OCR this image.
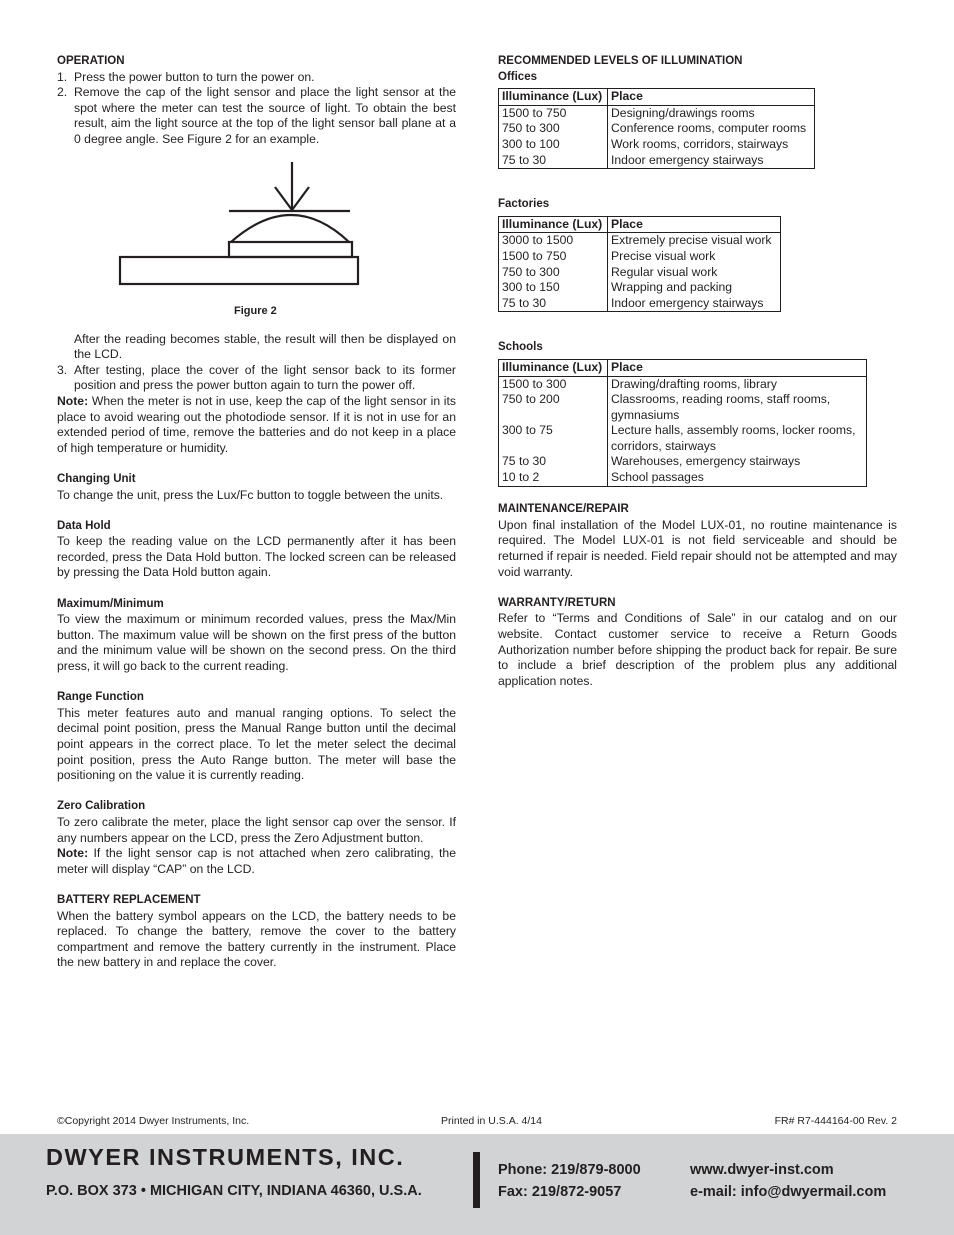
OPERATION

1. Press the power button to turn the power on.
2. Remove the cap of the light sensor and place the light sensor at the spot where the meter can test the source of light. To obtain the best result, aim the light source at the top of the light sensor ball plane at a 0 degree angle. See Figure 2 for an example.
Figure 2

After the reading becomes stable, the result will then be displayed on the LCD.

3. After testing, place the cover of the light sensor back to its former position and press the power button again to turn the power off.

Note: When the meter is not in use, keep the cap of the light sensor in its place to avoid wearing out the photodiode sensor. If it is not in use for an extended period of time, remove the batteries and do not keep in a place of high temperature or humidity.

Changing Unit

To change the unit, press the Lux/Fc button to toggle between the units.

Data Hold

To keep the reading value on the LCD permanently after it has been recorded, press the Data Hold button. The locked screen can be released by pressing the Data Hold button again.

Maximum/Minimum

To view the maximum or minimum recorded values, press the Max/Min button. The maximum value will be shown on the first press of the button and the minimum value will be shown on the second press. On the third press, it will go back to the current reading.

Range Function

This meter features auto and manual ranging options. To select the decimal point position, press the Manual Range button until the decimal point appears in the correct place. To let the meter select the decimal point position, press the Auto Range button. The meter will base the positioning on the value it is currently reading.

Zero Calibration

To zero calibrate the meter, place the light sensor cap over the sensor. If any numbers appear on the LCD, press the Zero Adjustment button.

Note: If the light sensor cap is not attached when zero calibrating, the meter will display “CAP” on the LCD.

BATTERY REPLACEMENT

When the battery symbol appears on the LCD, the battery needs to be replaced. To change the battery, remove the cover to the battery compartment and remove the battery currently in the instrument. Place the new battery in and replace the cover.

RECOMMENDED LEVELS OF ILLUMINATION

Offices

Illuminance (Lux)	Place
1500 to 750	Designing/drawings rooms
750 to 300	Conference rooms, computer rooms
300 to 100	Work rooms, corridors, stairways
75 to 30	Indoor emergency stairways

Factories

Illuminance (Lux)	Place
3000 to 1500	Extremely precise visual work
1500 to 750	Precise visual work
750 to 300	Regular visual work
300 to 150	Wrapping and packing
75 to 30	Indoor emergency stairways

Schools

Illuminance (Lux)	Place
1500 to 300	Drawing/drafting rooms, library
750 to 200	Classrooms, reading rooms, staff rooms, gymnasiums
300 to 75	Lecture halls, assembly rooms, locker rooms, corridors, stairways
75 to 30	Warehouses, emergency stairways
10 to 2	School passages

MAINTENANCE/REPAIR

Upon final installation of the Model LUX-01, no routine maintenance is required. The Model LUX-01 is not field serviceable and should be returned if repair is needed. Field repair should not be attempted and may void warranty.

WARRANTY/RETURN

Refer to “Terms and Conditions of Sale” in our catalog and on our website. Contact customer service to receive a Return Goods Authorization number before shipping the product back for repair. Be sure to include a brief description of the problem plus any additional application notes.

©Copyright 2014 Dwyer Instruments, Inc.	Printed in U.S.A. 4/14	FR# R7-444164-00 Rev. 2
DWYER INSTRUMENTS, INC.
P.O. BOX 373 • MICHIGAN CITY, INDIANA 46360, U.S.A.
Phone: 219/879-8000
Fax: 219/872-9057
www.dwyer-inst.com
e-mail: info@dwyermail.com
